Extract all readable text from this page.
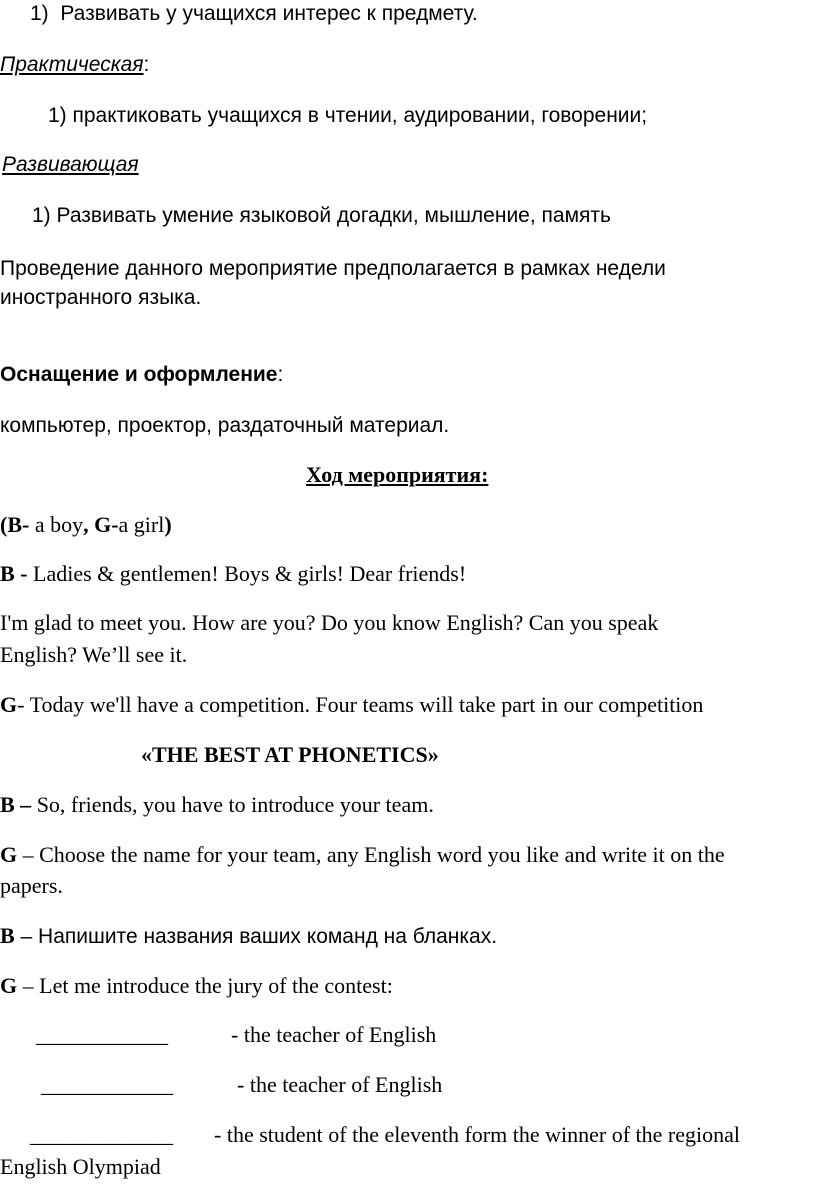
1) Развивать у учащихся интерес к предмету.
Практическая:
1) практиковать учащихся в чтении, аудировании, говорении;
Развивающая
1) Развивать умение языковой догадки, мышление, память
Проведение данного мероприятие предполагается в рамках недели
иностранного языка.
Оснащение и оформление:
компьютер, проектор, раздаточный материал.
Ход мероприятия:
(B- a boy, G-a girl)
B - Ladies & gentlemen! Boys & girls! Dear friends!
I'm glad to meet you. How are you? Do you know English? Can you speak
English? We’ll see it.
G- Today we'll have a competition. Four teams will take part in our competition
«THE BEST AT PHONETICS»
B – So, friends, you have to introduce your team.
G – Choose the name for your team, any English word you like and write it on the
papers.
B – Напишите названия ваших команд на бланках.
G – Let me introduce the jury of the contest:
____________	- the teacher of English
____________	- the teacher of English
_____________ - the student of the eleventh form the winner of the regional
English Olympiad
